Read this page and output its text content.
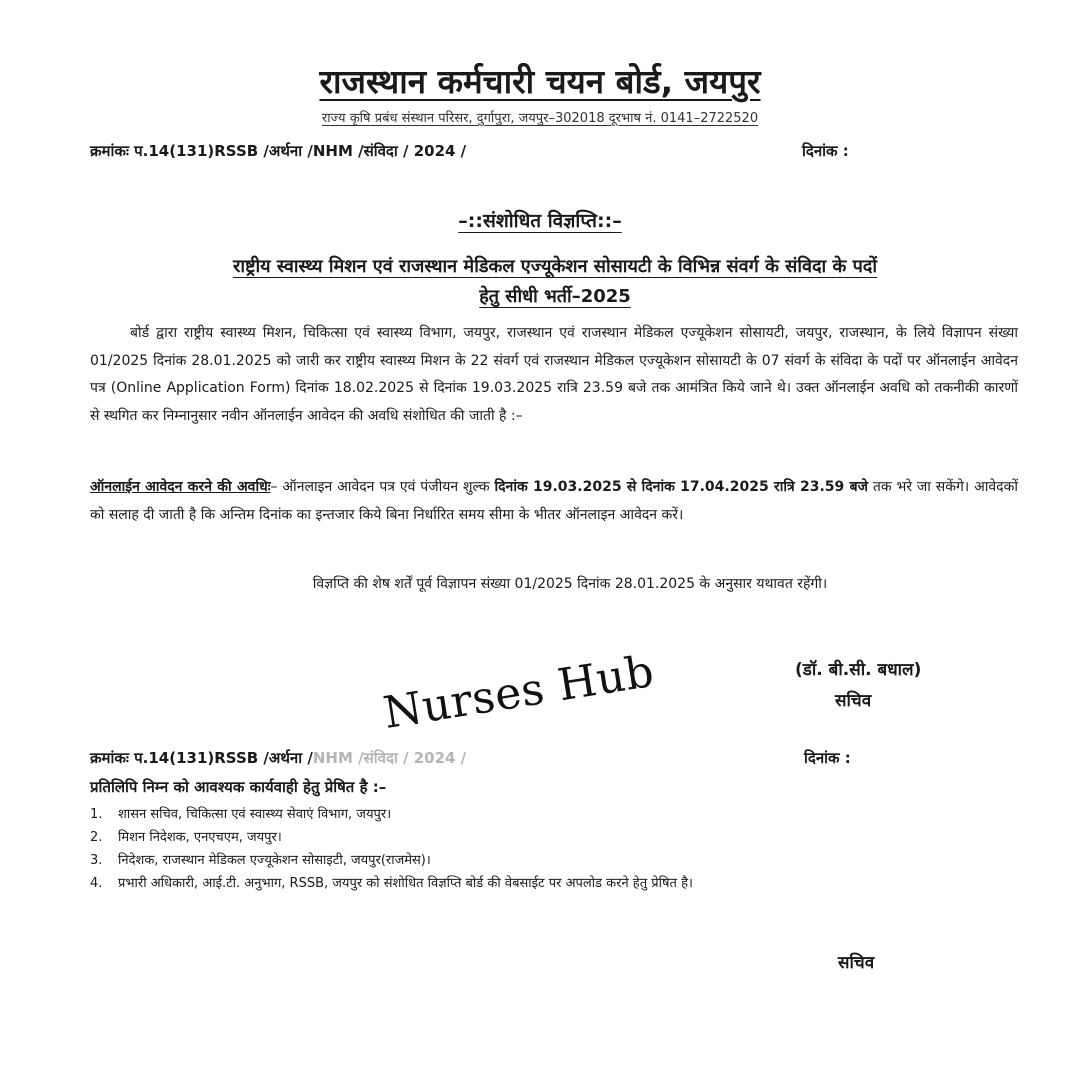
राजस्थान कर्मचारी चयन बोर्ड, जयपुर
राज्य कृषि प्रबंध संस्थान परिसर, दुर्गापुरा, जयपुर–302018 दूरभाष नं. 0141–2722520
क्रमांकः प.14(131)RSSB /अर्थना /NHM /संविदा / 2024 /	दिनांक :
–::संशोधित विज्ञप्ति::–
राष्ट्रीय स्वास्थ्य मिशन एवं राजस्थान मेडिकल एज्यूकेशन सोसायटी के विभिन्न संवर्ग के संविदा के पदों
हेतु सीधी भर्ती–2025
बोर्ड द्वारा राष्ट्रीय स्वास्थ्य मिशन, चिकित्सा एवं स्वास्थ्य विभाग, जयपुर, राजस्थान एवं राजस्थान मेडिकल एज्यूकेशन सोसायटी, जयपुर, राजस्थान, के लिये विज्ञापन संख्या 01/2025 दिनांक 28.01.2025 को जारी कर राष्ट्रीय स्वास्थ्य मिशन के 22 संवर्ग एवं राजस्थान मेडिकल एज्यूकेशन सोसायटी के 07 संवर्ग के संविदा के पदों पर ऑनलाईन आवेदन पत्र (Online Application Form) दिनांक 18.02.2025 से दिनांक 19.03.2025 रात्रि 23.59 बजे तक आमंत्रित किये जाने थे। उक्त ऑनलाईन अवधि को तकनीकी कारणों से स्थगित कर निम्नानुसार नवीन ऑनलाईन आवेदन की अवधि संशोधित की जाती है :–
ऑनलाईन आवेदन करने की अवधिः– ऑनलाइन आवेदन पत्र एवं पंजीयन शुल्क दिनांक 19.03.2025 से दिनांक 17.04.2025 रात्रि 23.59 बजे तक भरे जा सकेंगे। आवेदकों को सलाह दी जाती है कि अन्तिम दिनांक का इन्तजार किये बिना निर्धारित समय सीमा के भीतर ऑनलाइन आवेदन करें।
विज्ञप्ति की शेष शर्तें पूर्व विज्ञापन संख्या 01/2025 दिनांक 28.01.2025 के अनुसार यथावत रहेंगी।
(डॉ. बी.सी. बधाल)
सचिव
Nurses Hub
क्रमांकः प.14(131)RSSB /अर्थना /NHM /संविदा / 2024 /	दिनांक :
प्रतिलिपि निम्न को आवश्यक कार्यवाही हेतु प्रेषित है :–
1.	शासन सचिव, चिकित्सा एवं स्वास्थ्य सेवाएं विभाग, जयपुर।
2.	मिशन निदेशक, एनएचएम, जयपुर।
3.	निदेशक, राजस्थान मेडिकल एज्यूकेशन सोसाइटी, जयपुर(राजमेस)।
4.	प्रभारी अधिकारी, आई.टी. अनुभाग, RSSB, जयपुर को संशोधित विज्ञप्ति बोर्ड की वेबसाईट पर अपलोड करने हेतु प्रेषित है।
सचिव
